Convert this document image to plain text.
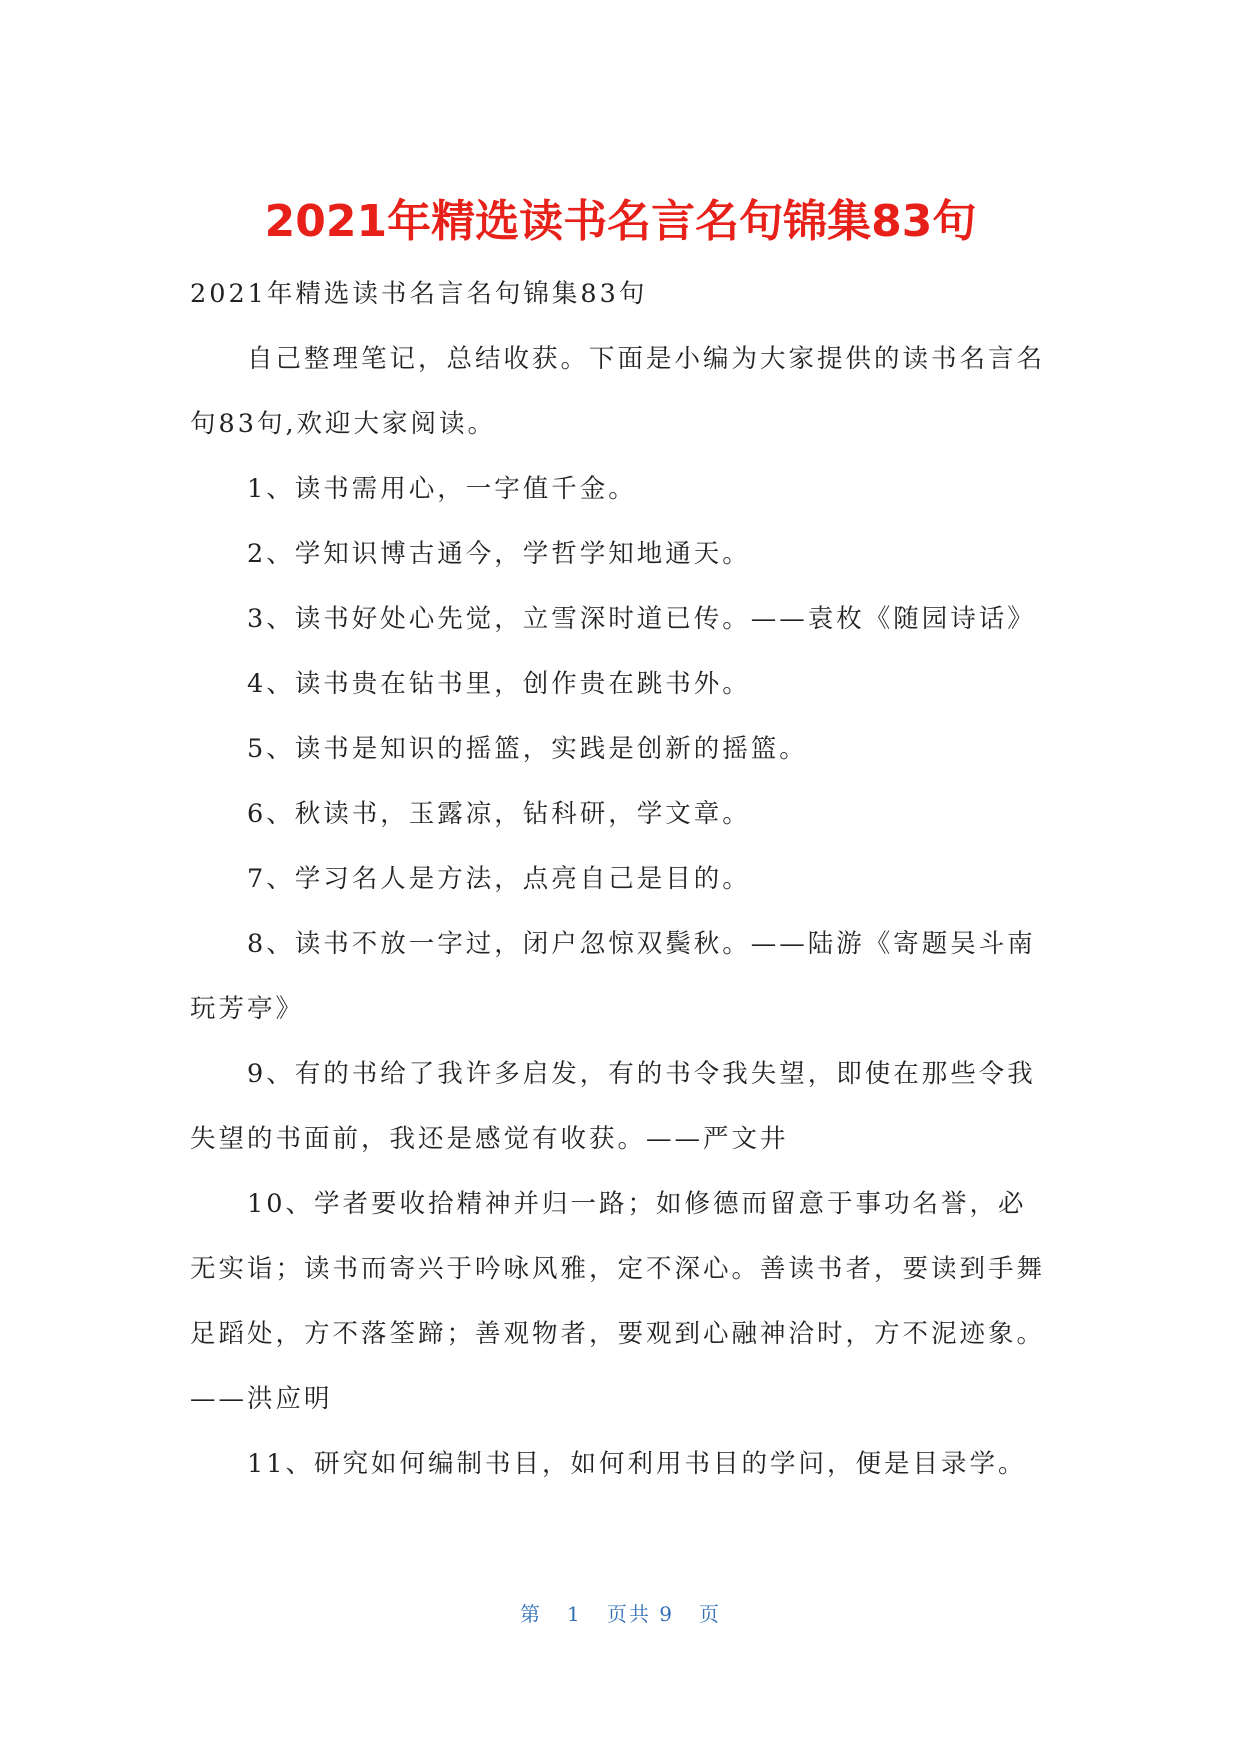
2021年精选读书名言名句锦集83句

2021年精选读书名言名句锦集83句

自己整理笔记，总结收获。下面是小编为大家提供的读书名言名句83句,欢迎大家阅读。

1、读书需用心，一字值千金。

2、学知识博古通今，学哲学知地通天。

3、读书好处心先觉，立雪深时道已传。——袁枚《随园诗话》

4、读书贵在钻书里，创作贵在跳书外。

5、读书是知识的摇篮，实践是创新的摇篮。

6、秋读书，玉露凉，钻科研，学文章。

7、学习名人是方法，点亮自己是目的。

8、读书不放一字过，闭户忽惊双鬓秋。——陆游《寄题吴斗南玩芳亭》

9、有的书给了我许多启发，有的书令我失望，即使在那些令我失望的书面前，我还是感觉有收获。——严文井

10、学者要收拾精神并归一路；如修德而留意于事功名誉，必无实诣；读书而寄兴于吟咏风雅，定不深心。善读书者，要读到手舞足蹈处，方不落筌蹄；善观物者，要观到心融神洽时，方不泥迹象。——洪应明

11、研究如何编制书目，如何利用书目的学问，便是目录学。

第 1 页共 9 页
